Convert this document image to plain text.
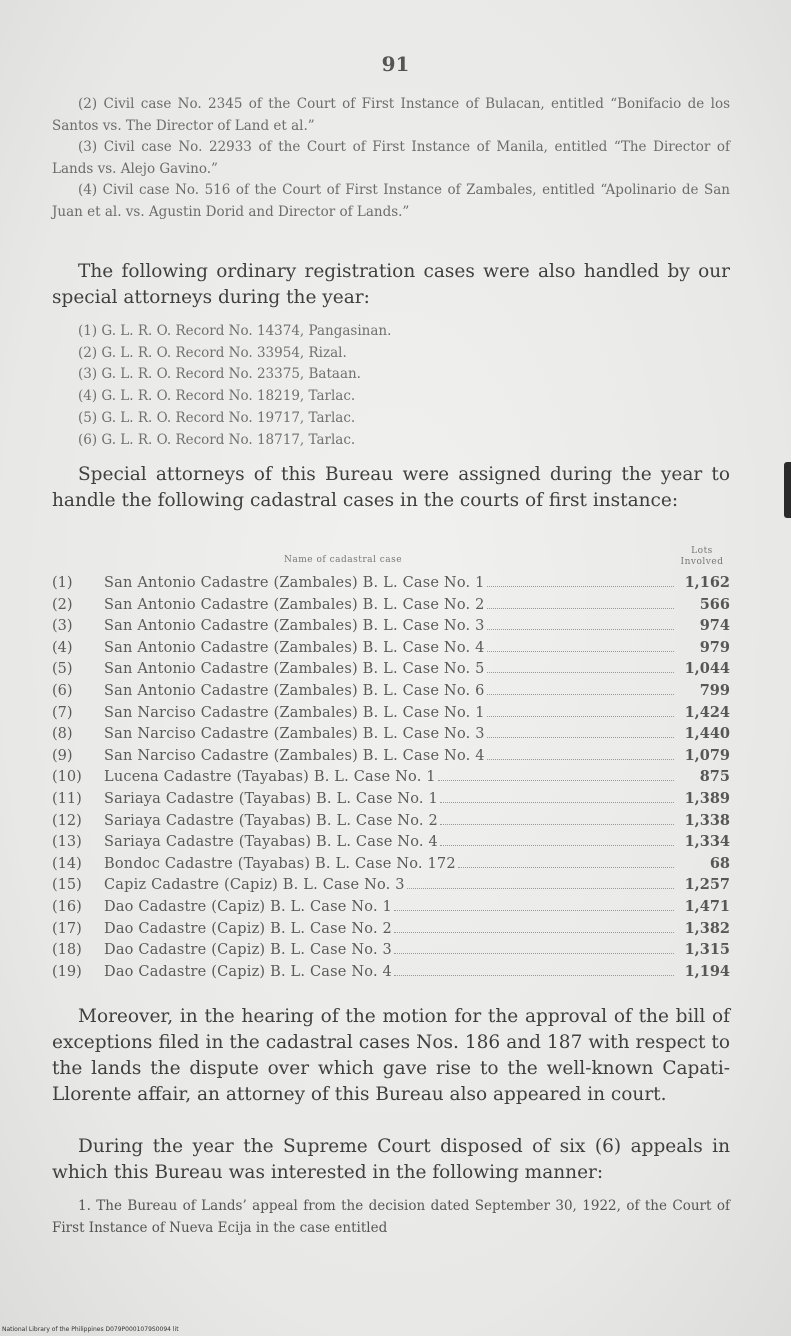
91

(2) Civil case No. 2345 of the Court of First Instance of Bulacan, entitled “Bonifacio de los Santos vs. The Director of Land et al.”

(3) Civil case No. 22933 of the Court of First Instance of Manila, entitled “The Director of Lands vs. Alejo Gavino.”

(4) Civil case No. 516 of the Court of First Instance of Zambales, entitled “Apolinario de San Juan et al. vs. Agustin Dorid and Director of Lands.”

The following ordinary registration cases were also handled by our special attorneys during the year:

(1) G. L. R. O. Record No. 14374, Pangasinan.
(2) G. L. R. O. Record No. 33954, Rizal.
(3) G. L. R. O. Record No. 23375, Bataan.
(4) G. L. R. O. Record No. 18219, Tarlac.
(5) G. L. R. O. Record No. 19717, Tarlac.
(6) G. L. R. O. Record No. 18717, Tarlac.

Special attorneys of this Bureau were assigned during the year to handle the following cadastral cases in the courts of first instance:

Name of cadastral case
Lots
Involved
(1)	San Antonio Cadastre (Zambales) B. L. Case No. 1	1,162
(2)	San Antonio Cadastre (Zambales) B. L. Case No. 2	566
(3)	San Antonio Cadastre (Zambales) B. L. Case No. 3	974
(4)	San Antonio Cadastre (Zambales) B. L. Case No. 4	979
(5)	San Antonio Cadastre (Zambales) B. L. Case No. 5	1,044
(6)	San Antonio Cadastre (Zambales) B. L. Case No. 6	799
(7)	San Narciso Cadastre (Zambales) B. L. Case No. 1	1,424
(8)	San Narciso Cadastre (Zambales) B. L. Case No. 3	1,440
(9)	San Narciso Cadastre (Zambales) B. L. Case No. 4	1,079
(10)	Lucena Cadastre (Tayabas) B. L. Case No. 1	875
(11)	Sariaya Cadastre (Tayabas) B. L. Case No. 1	1,389
(12)	Sariaya Cadastre (Tayabas) B. L. Case No. 2	1,338
(13)	Sariaya Cadastre (Tayabas) B. L. Case No. 4	1,334
(14)	Bondoc Cadastre (Tayabas) B. L. Case No. 172	68
(15)	Capiz Cadastre (Capiz) B. L. Case No. 3	1,257
(16)	Dao Cadastre (Capiz) B. L. Case No. 1	1,471
(17)	Dao Cadastre (Capiz) B. L. Case No. 2	1,382
(18)	Dao Cadastre (Capiz) B. L. Case No. 3	1,315
(19)	Dao Cadastre (Capiz) B. L. Case No. 4	1,194

Moreover, in the hearing of the motion for the approval of the bill of exceptions filed in the cadastral cases Nos. 186 and 187 with respect to the lands the dispute over which gave rise to the well-known Capati-Llorente affair, an attorney of this Bureau also appeared in court.

During the year the Supreme Court disposed of six (6) appeals in which this Bureau was interested in the following manner:

1. The Bureau of Lands’ appeal from the decision dated September 30, 1922, of the Court of First Instance of Nueva Ecija in the case entitled

National Library of the Philippines D079P0001079S0094 lit
